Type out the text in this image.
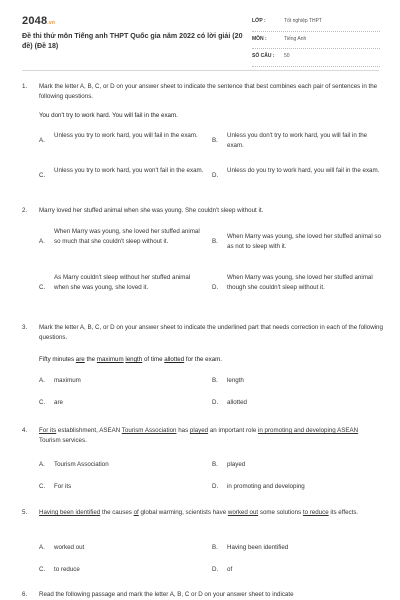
2048.vn
Đề thi thử môn Tiếng anh THPT Quốc gia năm 2022 có lời giải (20 đề) (Đề 18)
LỚP :	Tốt nghiệp THPT
MÔN :	Tiếng Anh
SỐ CÂU : 50
1. Mark the letter A, B, C, or D on your answer sheet to indicate the sentence that best combines each pair of sentences in the following questions.
You don't try to work hard. You will fail in the exam.
A.
Unless you try to work hard, you will fail in the exam.
B.
Unless you don't try to work hard, you will fail in the exam.
C.
Unless you try to work hard, you won't fail in the exam.
D.
Unless do you try to work hard, you will fail in the exam.
2. Marry loved her stuffed animal when she was young. She couldn't sleep without it.
A.
When Marry was young, she loved her stuffed animal so much that she couldn't sleep without it.	B.
When Marry was young, she loved her stuffed animal so as not to sleep with it.
C.
As Marry couldn't sleep without her stuffed animal when she was young, she loved it.	D.
When Marry was young, she loved her stuffed animal though she couldn't sleep without it.
3. Mark the letter A, B, C, or D on your answer sheet to indicate the underlined part that needs correction in each of the following questions.
Fifty minutes are the maximum length of time allotted for the exam.
A. maximum	B. length
C. are	D. allotted
4. For its establishment, ASEAN Tourism Association has played an important role in promoting and developing ASEAN Tourism services.
A. Tourism Association	B. played
C. For its	D. in promoting and developing
5. Having been identified the causes of global warming, scientists have worked out some solutions to reduce its effects.
A. worked out	B. Having been identified
C. to reduce	D. of
6. Read the following passage and mark the letter A, B, C or D on your answer sheet to indicate
